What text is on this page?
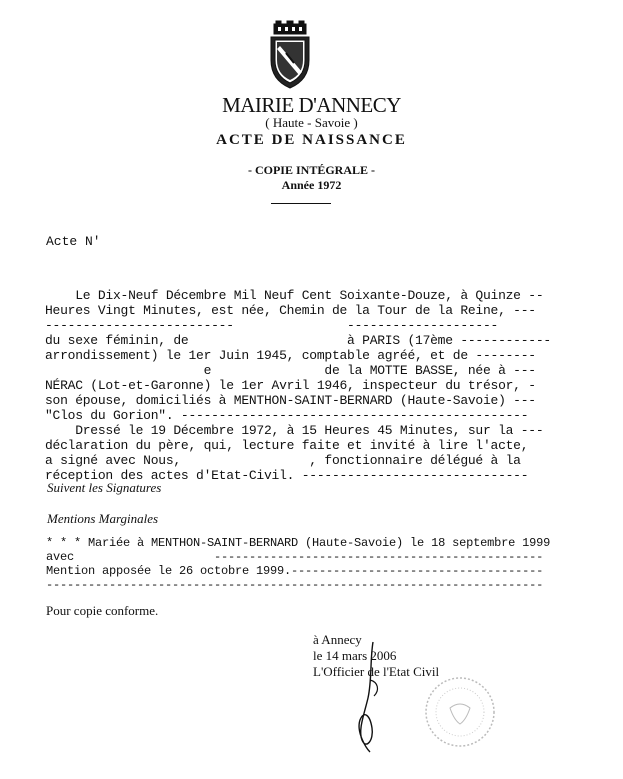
MAIRIE D'ANNECY
( Haute - Savoie )
ACTE DE NAISSANCE
- COPIE INTÉGRALE -
Année 1972
Acte N'
Le Dix-Neuf Décembre Mil Neuf Cent Soixante-Douze, à Quinze --
Heures Vingt Minutes, est née, Chemin de la Tour de la Reine, ---
-------------------------               --------------------
du sexe féminin, de                     à PARIS (17ème ------------
arrondissement) le 1er Juin 1945, comptable agréé, et de --------
e               de la MOTTE BASSE, née à ---
NÉRAC (Lot-et-Garonne) le 1er Avril 1946, inspecteur du trésor, -
son épouse, domiciliés à MENTHON-SAINT-BERNARD (Haute-Savoie) ---
"Clos du Gorion". ----------------------------------------------
Dressé le 19 Décembre 1972, à 15 Heures 45 Minutes, sur la ---
déclaration du père, qui, lecture faite et invité à lire l'acte,
a signé avec Nous,                 , fonctionnaire délégué à la
réception des actes d'Etat-Civil. ------------------------------
Suivent les Signatures
Mentions Marginales
* * * Mariée à MENTHON-SAINT-BERNARD (Haute-Savoie) le 18 septembre 1999
avec                    -----------------------------------------------
Mention apposée le 26 octobre 1999.------------------------------------
-----------------------------------------------------------------------
Pour copie conforme.
à Annecy
le 14 mars 2006
L'Officier de l'Etat Civil
